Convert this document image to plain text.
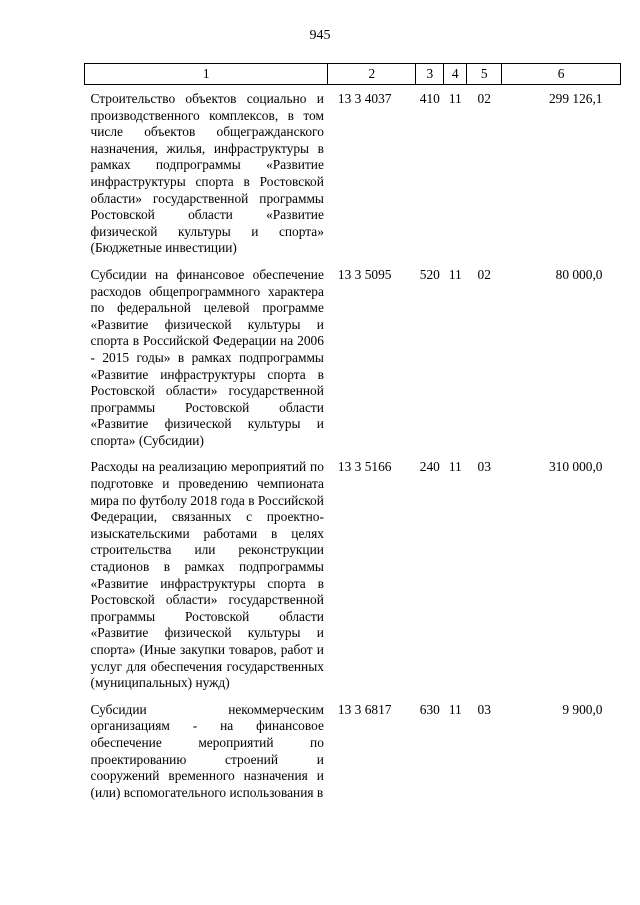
945
1	2	3	4	5	6
Строительство объектов социально и производственного комплексов, в том числе объектов общегражданского назначения, жилья, инфраструктуры в рамках подпрограммы «Развитие инфраструктуры спорта в Ростовской области» государственной программы Ростовской области «Развитие физической культуры и спорта» (Бюджетные инвестиции)	13 3 4037	410	11	02	299 126,1
Субсидии на финансовое обеспечение расходов общепрограммного характера по федеральной целевой программе «Развитие физической культуры и спорта в Российской Федерации на 2006 - 2015 годы» в рамках подпрограммы «Развитие инфраструктуры спорта в Ростовской области» государственной программы Ростовской области «Развитие физической культуры и спорта» (Субсидии)	13 3 5095	520	11	02	80 000,0
Расходы на реализацию мероприятий по подготовке и проведению чемпионата мира по футболу 2018 года в Российской Федерации, связанных с проектно-изыскательскими работами в целях строительства или реконструкции стадионов в рамках подпрограммы «Развитие инфраструктуры спорта в Ростовской области» государственной программы Ростовской области «Развитие физической культуры и спорта» (Иные закупки товаров, работ и услуг для обеспечения государственных (муниципальных) нужд)	13 3 5166	240	11	03	310 000,0
Субсидии некоммерческим организациям - на финансовое обеспечение мероприятий по проектированию строений и сооружений временного назначения и (или) вспомогательного использования в	13 3 6817	630	11	03	9 900,0
